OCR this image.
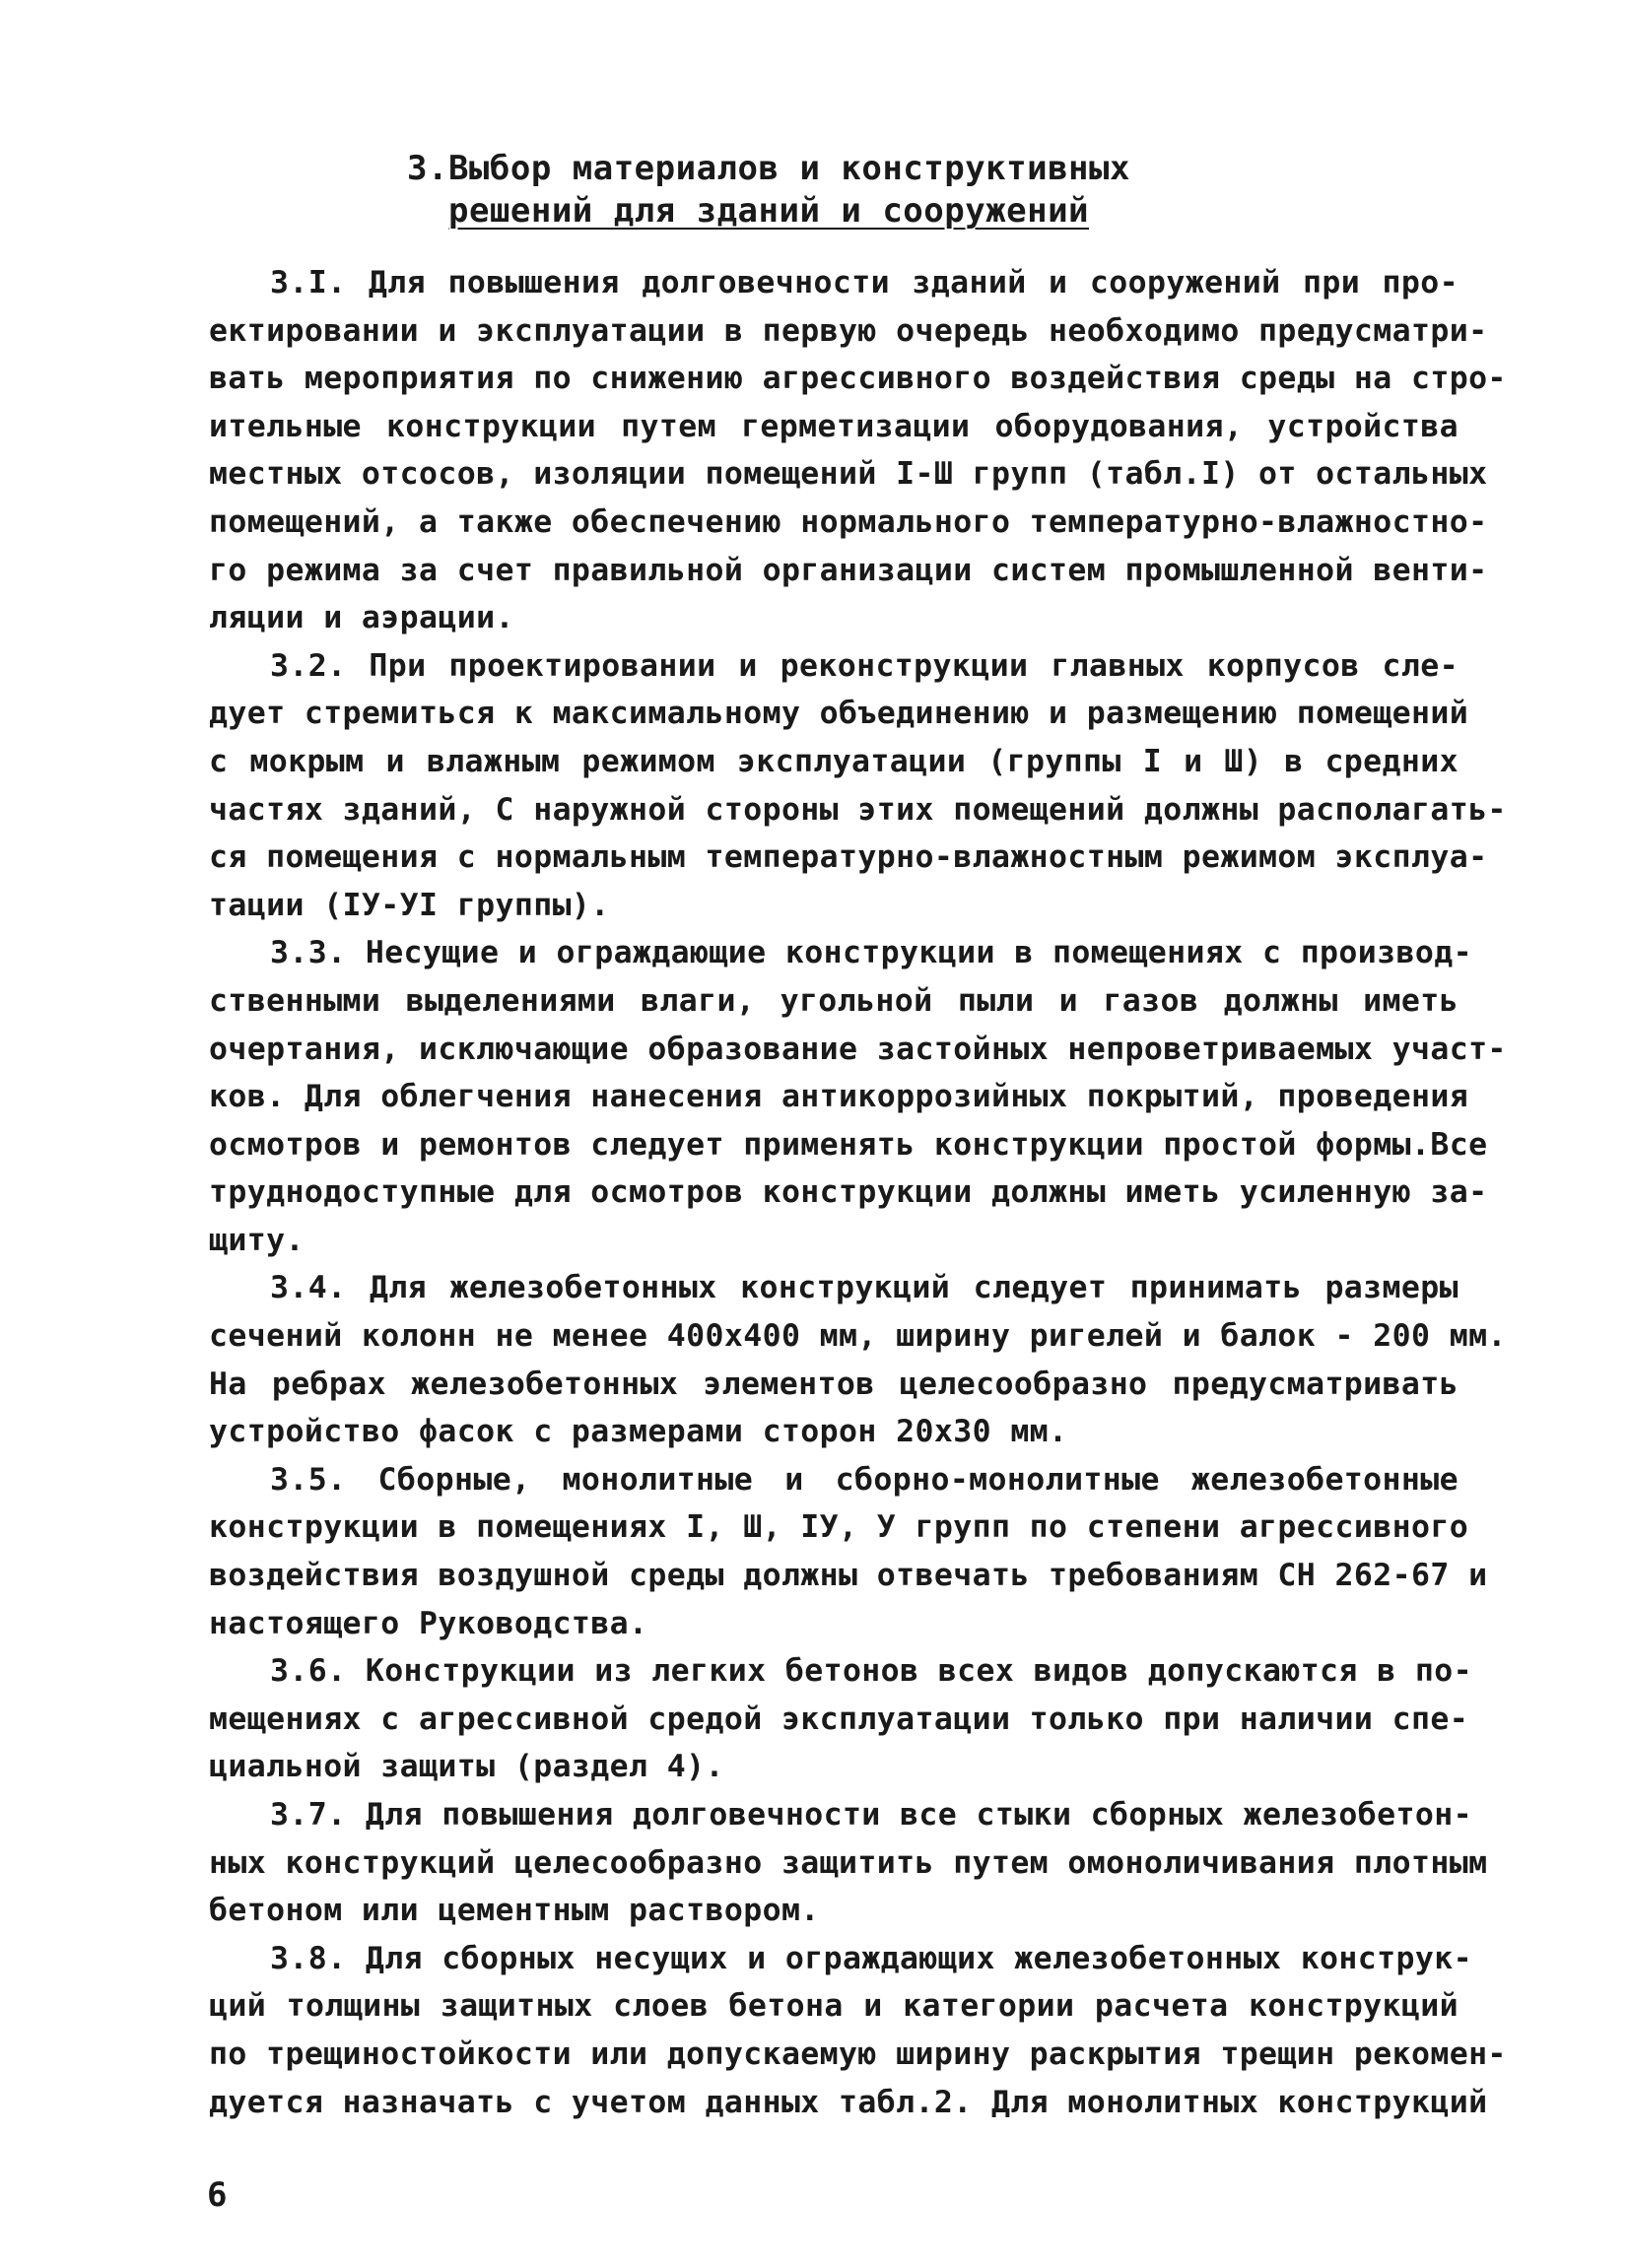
3.Выбор материалов и конструктивных
решений для зданий и сооружений

3.I. Для повышения долговечности зданий и сооружений при про-
ектировании и эксплуатации в первую очередь необходимо предусматри-
вать мероприятия по снижению агрессивного воздействия среды на стро-
ительные конструкции путем герметизации оборудования, устройства
местных отсосов, изоляции помещений I-Ш групп (табл.I) от остальных
помещений, а также обеспечению нормального температурно-влажностно-
го режима за счет правильной организации систем промышленной венти-
ляции и аэрации.

3.2. При проектировании и реконструкции главных корпусов сле-
дует стремиться к максимальному объединению и размещению помещений
с мокрым и влажным режимом эксплуатации (группы I и Ш) в средних
частях зданий, С наружной стороны этих помещений должны располагать-
ся помещения с нормальным температурно-влажностным режимом эксплуа-
тации (IУ-УI группы).

3.3. Несущие и ограждающие конструкции в помещениях с производ-
ственными выделениями влаги, угольной пыли и газов должны иметь
очертания, исключающие образование застойных непроветриваемых участ-
ков. Для облегчения нанесения антикоррозийных покрытий, проведения
осмотров и ремонтов следует применять конструкции простой формы.Все
труднодоступные для осмотров конструкции должны иметь усиленную за-
щиту.

3.4. Для железобетонных конструкций следует принимать размеры
сечений колонн не менее 400х400 мм, ширину ригелей и балок - 200 мм.
На ребрах железобетонных элементов целесообразно предусматривать
устройство фасок с размерами сторон 20х30 мм.

3.5. Сборные, монолитные и сборно-монолитные железобетонные
конструкции в помещениях I, Ш, IУ, У групп по степени агрессивного
воздействия воздушной среды должны отвечать требованиям СН 262-67 и
настоящего Руководства.

3.6. Конструкции из легких бетонов всех видов допускаются в по-
мещениях с агрессивной средой эксплуатации только при наличии спе-
циальной защиты (раздел 4).

3.7. Для повышения долговечности все стыки сборных железобетон-
ных конструкций целесообразно защитить путем омоноличивания плотным
бетоном или цементным раствором.

3.8. Для сборных несущих и ограждающих железобетонных конструк-
ций толщины защитных слоев бетона и категории расчета конструкций
по трещиностойкости или допускаемую ширину раскрытия трещин рекомен-
дуется назначать с учетом данных табл.2. Для монолитных конструкций

6
